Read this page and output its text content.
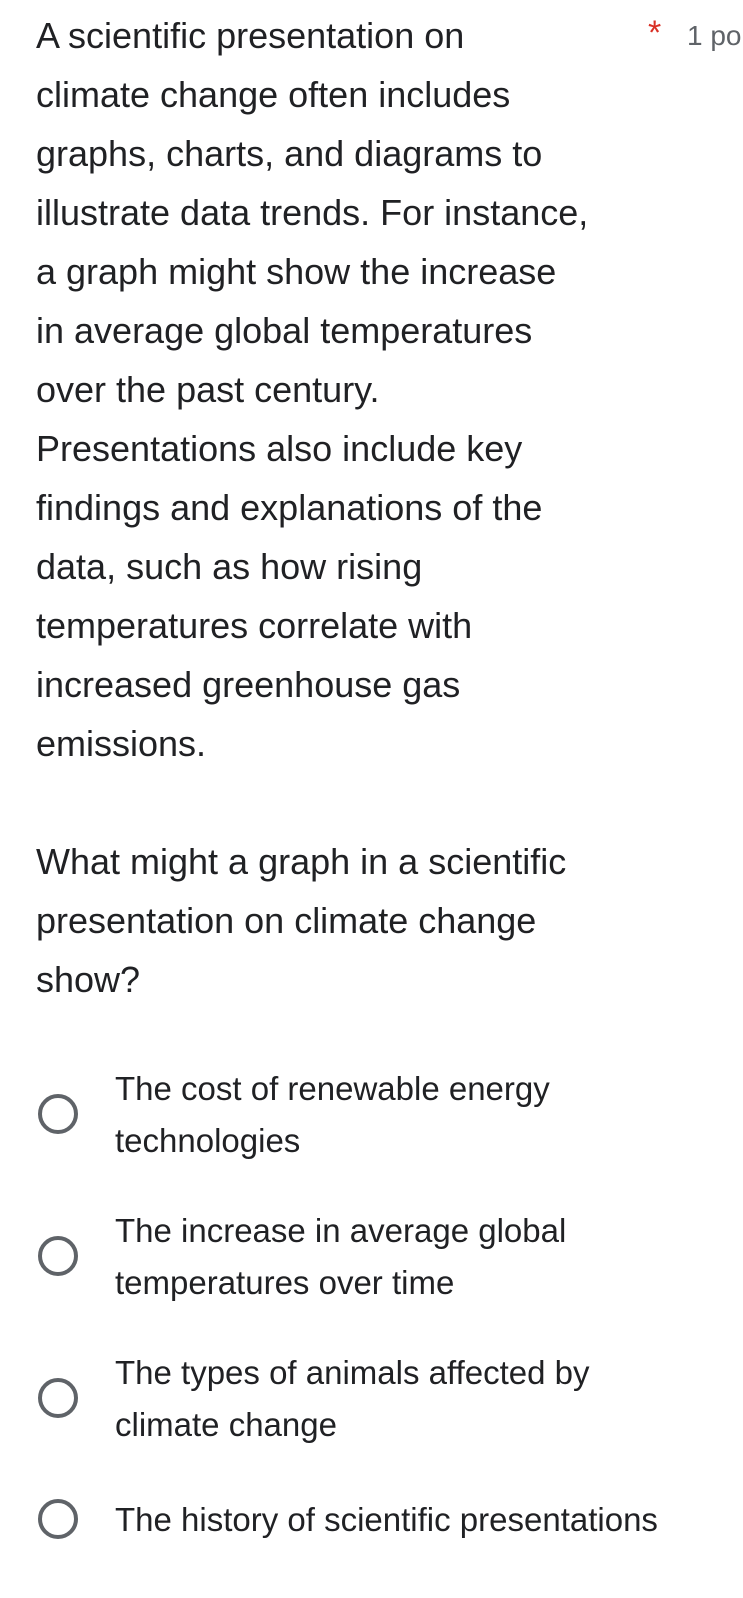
A scientific presentation on
climate change often includes
graphs, charts, and diagrams to
illustrate data trends. For instance,
a graph might show the increase
in average global temperatures
over the past century.
Presentations also include key
findings and explanations of the
data, such as how rising
temperatures correlate with
increased greenhouse gas
emissions.

What might a graph in a scientific
presentation on climate change
show?

* 1 po
The cost of renewable energy
technologies
The increase in average global
temperatures over time
The types of animals affected by
climate change
The history of scientific presentations
